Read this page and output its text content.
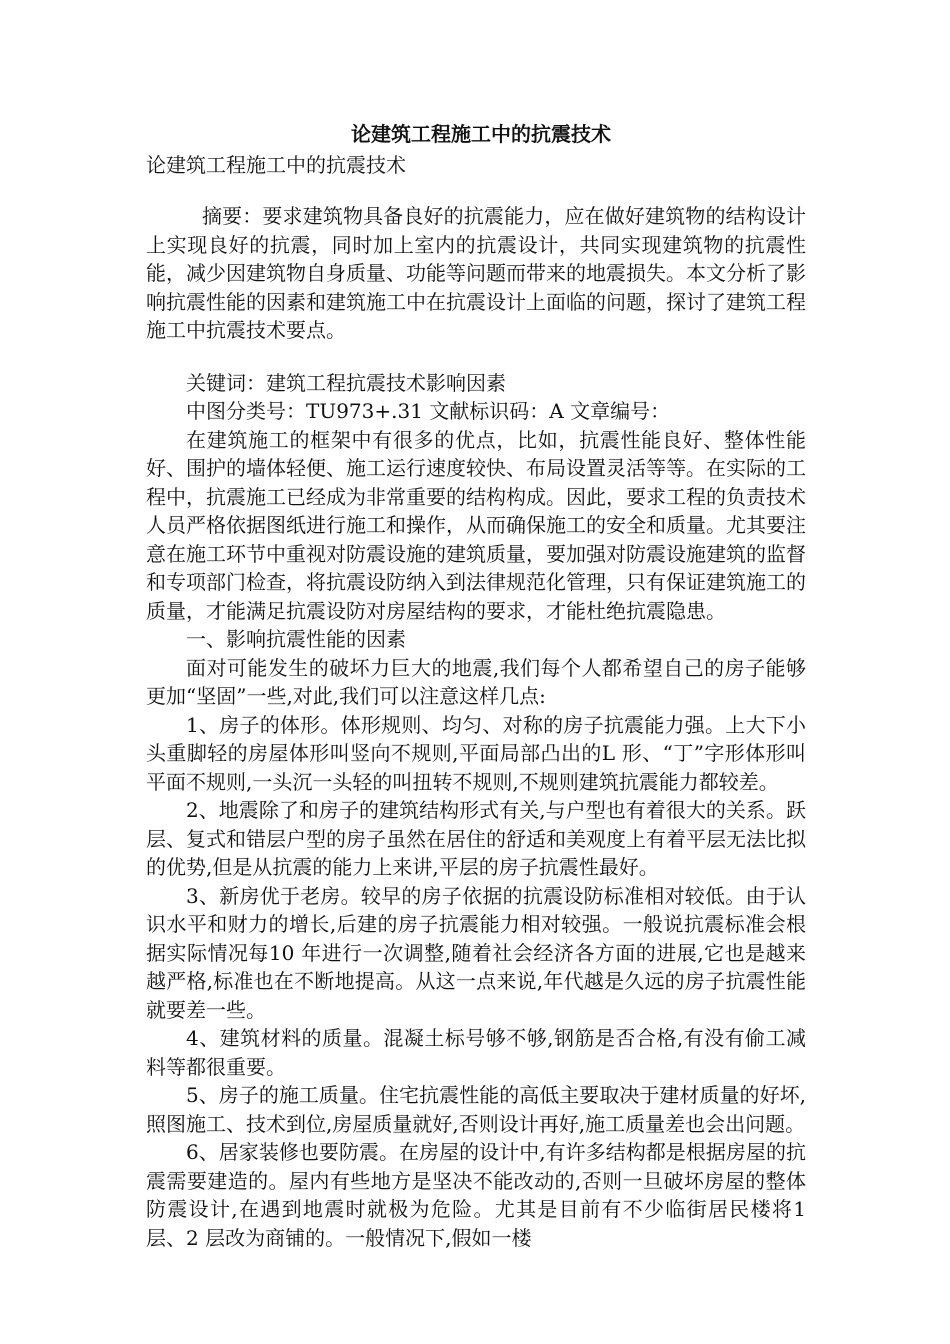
论建筑工程施工中的抗震技术

论建筑工程施工中的抗震技术

摘要：要求建筑物具备良好的抗震能力，应在做好建筑物的结构设计上实现良好的抗震，同时加上室内的抗震设计，共同实现建筑物的抗震性能，减少因建筑物自身质量、功能等问题而带来的地震损失。本文分析了影响抗震性能的因素和建筑施工中在抗震设计上面临的问题，探讨了建筑工程施工中抗震技术要点。

关键词：建筑工程抗震技术影响因素

中图分类号：TU973+.31 文献标识码：A 文章编号：

在建筑施工的框架中有很多的优点，比如，抗震性能良好、整体性能好、围护的墙体轻便、施工运行速度较快、布局设置灵活等等。在实际的工程中，抗震施工已经成为非常重要的结构构成。因此，要求工程的负责技术人员严格依据图纸进行施工和操作，从而确保施工的安全和质量。尤其要注意在施工环节中重视对防震设施的建筑质量，要加强对防震设施建筑的监督和专项部门检查，将抗震设防纳入到法律规范化管理，只有保证建筑施工的质量，才能满足抗震设防对房屋结构的要求，才能杜绝抗震隐患。

一、影响抗震性能的因素

面对可能发生的破坏力巨大的地震,我们每个人都希望自己的房子能够更加“坚固”一些,对此,我们可以注意这样几点:

1、房子的体形。体形规则、均匀、对称的房子抗震能力强。上大下小头重脚轻的房屋体形叫竖向不规则,平面局部凸出的L 形、“丁”字形体形叫平面不规则,一头沉一头轻的叫扭转不规则,不规则建筑抗震能力都较差。

2、地震除了和房子的建筑结构形式有关,与户型也有着很大的关系。跃层、复式和错层户型的房子虽然在居住的舒适和美观度上有着平层无法比拟的优势,但是从抗震的能力上来讲,平层的房子抗震性最好。

3、新房优于老房。较早的房子依据的抗震设防标准相对较低。由于认识水平和财力的增长,后建的房子抗震能力相对较强。一般说抗震标准会根据实际情况每10 年进行一次调整,随着社会经济各方面的进展,它也是越来越严格,标准也在不断地提高。从这一点来说,年代越是久远的房子抗震性能就要差一些。

4、建筑材料的质量。混凝土标号够不够,钢筋是否合格,有没有偷工减料等都很重要。

5、房子的施工质量。住宅抗震性能的高低主要取决于建材质量的好坏,照图施工、技术到位,房屋质量就好,否则设计再好,施工质量差也会出问题。

6、居家装修也要防震。在房屋的设计中,有许多结构都是根据房屋的抗震需要建造的。屋内有些地方是坚决不能改动的,否则一旦破坏房屋的整体防震设计,在遇到地震时就极为危险。尤其是目前有不少临街居民楼将1 层、2 层改为商铺的。一般情况下,假如一楼
